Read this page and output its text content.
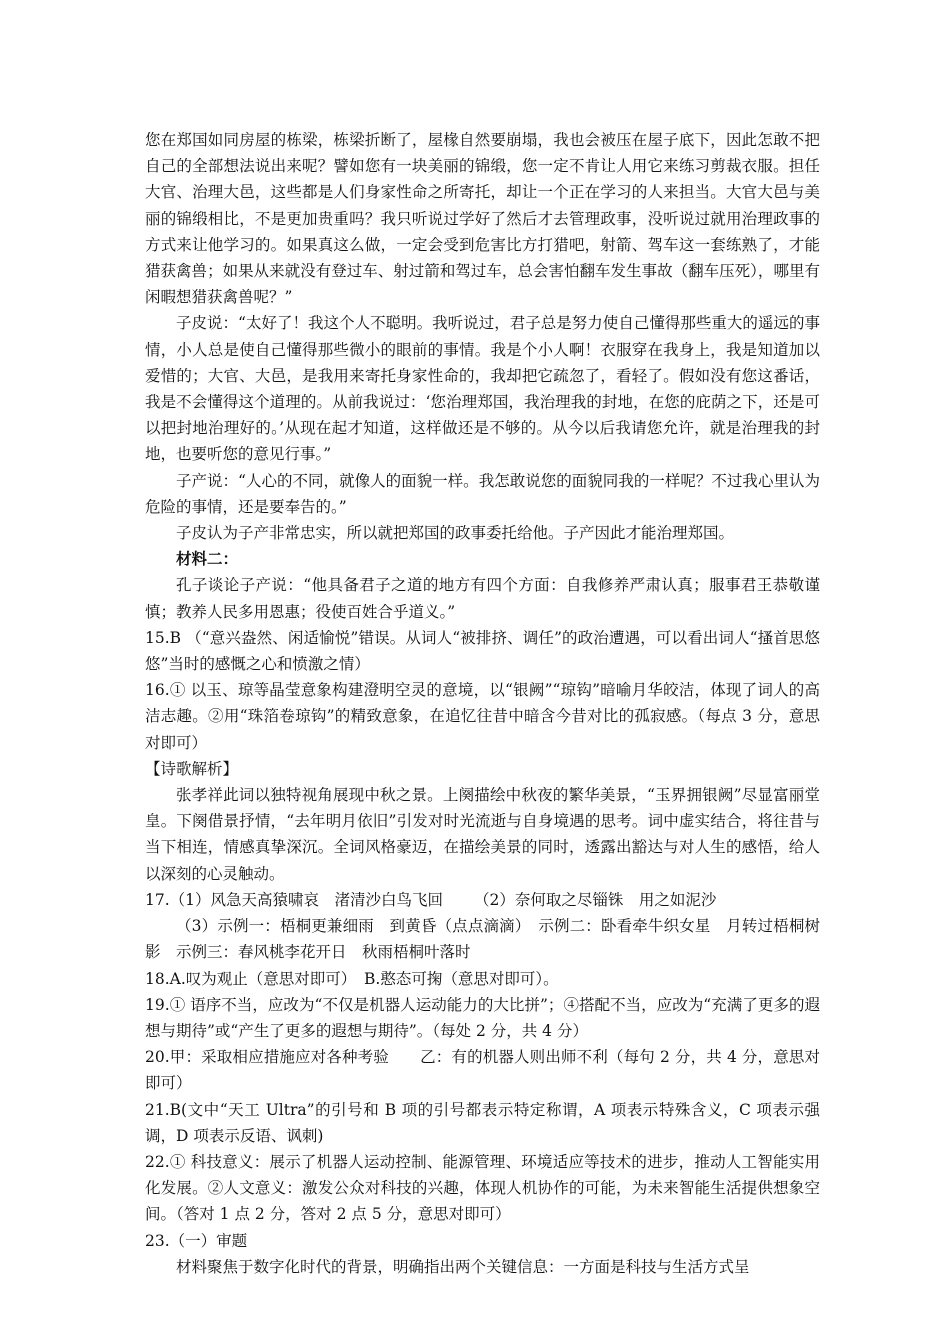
您在郑国如同房屋的栋梁，栋梁折断了，屋椽自然要崩塌，我也会被压在屋子底下，因此怎敢不把自己的全部想法说出来呢？譬如您有一块美丽的锦缎，您一定不肯让人用它来练习剪裁衣服。担任大官、治理大邑，这些都是人们身家性命之所寄托，却让一个正在学习的人来担当。大官大邑与美丽的锦缎相比，不是更加贵重吗？我只听说过学好了然后才去管理政事，没听说过就用治理政事的方式来让他学习的。如果真这么做，一定会受到危害比方打猎吧，射箭、驾车这一套练熟了，才能猎获禽兽；如果从来就没有登过车、射过箭和驾过车，总会害怕翻车发生事故（翻车压死），哪里有闲暇想猎获禽兽呢？”

子皮说：“太好了！我这个人不聪明。我听说过，君子总是努力使自己懂得那些重大的遥远的事情，小人总是使自己懂得那些微小的眼前的事情。我是个小人啊！衣服穿在我身上，我是知道加以爱惜的；大官、大邑，是我用来寄托身家性命的，我却把它疏忽了，看轻了。假如没有您这番话，我是不会懂得这个道理的。从前我说过：‘您治理郑国，我治理我的封地，在您的庇荫之下，还是可以把封地治理好的。’从现在起才知道，这样做还是不够的。从今以后我请您允许，就是治理我的封地，也要听您的意见行事。”

子产说：“人心的不同，就像人的面貌一样。我怎敢说您的面貌同我的一样呢？不过我心里认为危险的事情，还是要奉告的。”

子皮认为子产非常忠实，所以就把郑国的政事委托给他。子产因此才能治理郑国。

材料二：

孔子谈论子产说：“他具备君子之道的地方有四个方面：自我修养严肃认真；服事君王恭敬谨慎；教养人民多用恩惠；役使百姓合乎道义。”

15.B （“意兴盎然、闲适愉悦”错误。从词人“被排挤、调任”的政治遭遇，可以看出词人“搔首思悠悠”当时的感慨之心和愤激之情）

16.① 以玉、琼等晶莹意象构建澄明空灵的意境，以“银阙”“琼钩”暗喻月华皎洁，体现了词人的高洁志趣。②用“珠箔卷琼钩”的精致意象，在追忆往昔中暗含今昔对比的孤寂感。（每点 3 分，意思对即可）

【诗歌解析】

张孝祥此词以独特视角展现中秋之景。上阕描绘中秋夜的繁华美景，“玉界拥银阙”尽显富丽堂皇。下阕借景抒情，“去年明月依旧”引发对时光流逝与自身境遇的思考。词中虚实结合，将往昔与当下相连，情感真挚深沉。全词风格豪迈，在描绘美景的同时，透露出豁达与对人生的感悟，给人以深刻的心灵触动。

17.（1）风急天高猿啸哀　渚清沙白鸟飞回 （2）奈何取之尽锱铢　用之如泥沙

（3）示例一：梧桐更兼细雨　到黄昏（点点滴滴）　示例二：卧看牵牛织女星　月转过梧桐树影　示例三：春风桃李花开日　秋雨梧桐叶落时

18.A.叹为观止（意思对即可）　B.憨态可掬（意思对即可）。

19.① 语序不当，应改为“不仅是机器人运动能力的大比拼”；④搭配不当，应改为“充满了更多的遐想与期待”或“产生了更多的遐想与期待”。（每处 2 分，共 4 分）

20.甲：采取相应措施应对各种考验 乙：有的机器人则出师不利（每句 2 分，共 4 分，意思对即可）

21.B(文中“天工 Ultra”的引号和 B 项的引号都表示特定称谓，A 项表示特殊含义，C 项表示强调，D 项表示反语、讽刺)

22.① 科技意义：展示了机器人运动控制、能源管理、环境适应等技术的进步，推动人工智能实用化发展。②人文意义：激发公众对科技的兴趣，体现人机协作的可能，为未来智能生活提供想象空间。（答对 1 点 2 分，答对 2 点 5 分，意思对即可）

23.（一）审题

材料聚焦于数字化时代的背景，明确指出两个关键信息：一方面是科技与生活方式呈
